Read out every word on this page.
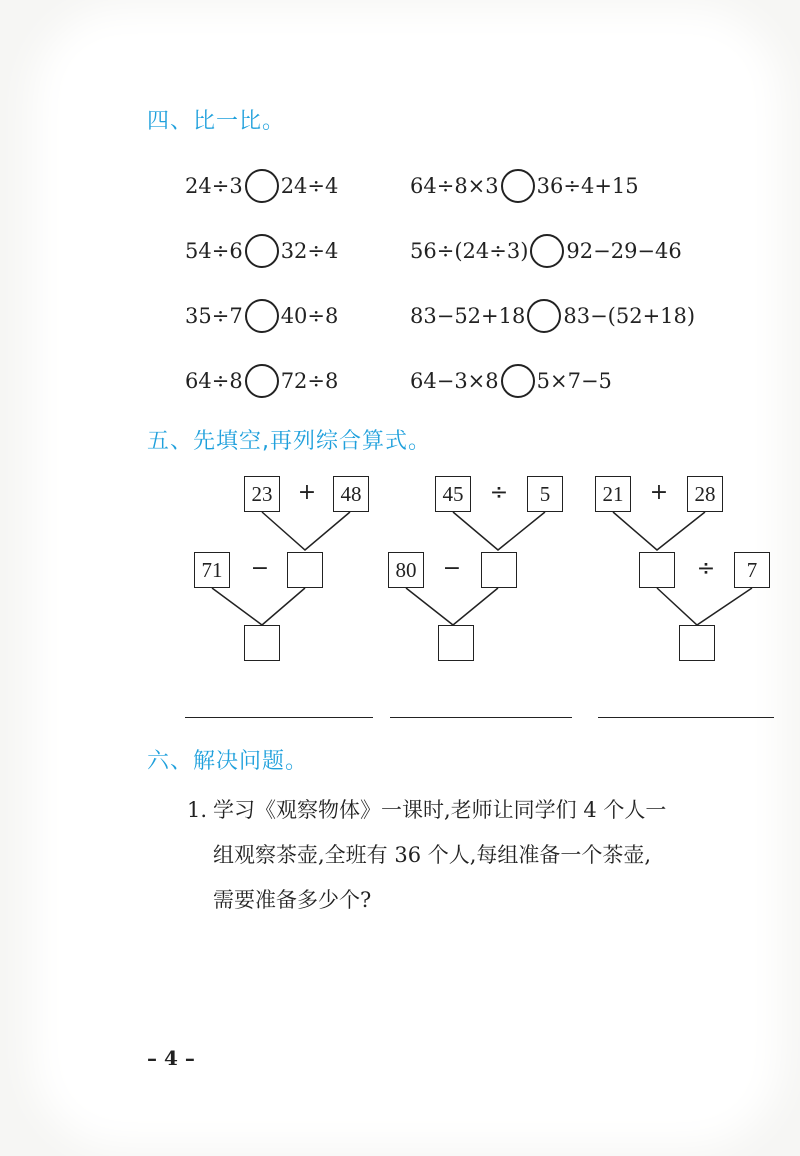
四、比一比。
24÷3 24÷4	64÷8×3 36÷4+15
54÷6 32÷4	56÷(24÷3) 92−29−46
35÷7 40÷8	83−52+18 83−(52+18)
64÷8 72÷8	64−3×8 5×7−5
五、先填空,再列综合算式。
23	+	48
71	−
45	÷	5
80	−
21	+	28
÷	7
六、解决问题。
1. 学习《观察物体》一课时,老师让同学们 4 个人一
组观察茶壶,全班有 36 个人,每组准备一个茶壶,
需要准备多少个?
– 4 –
